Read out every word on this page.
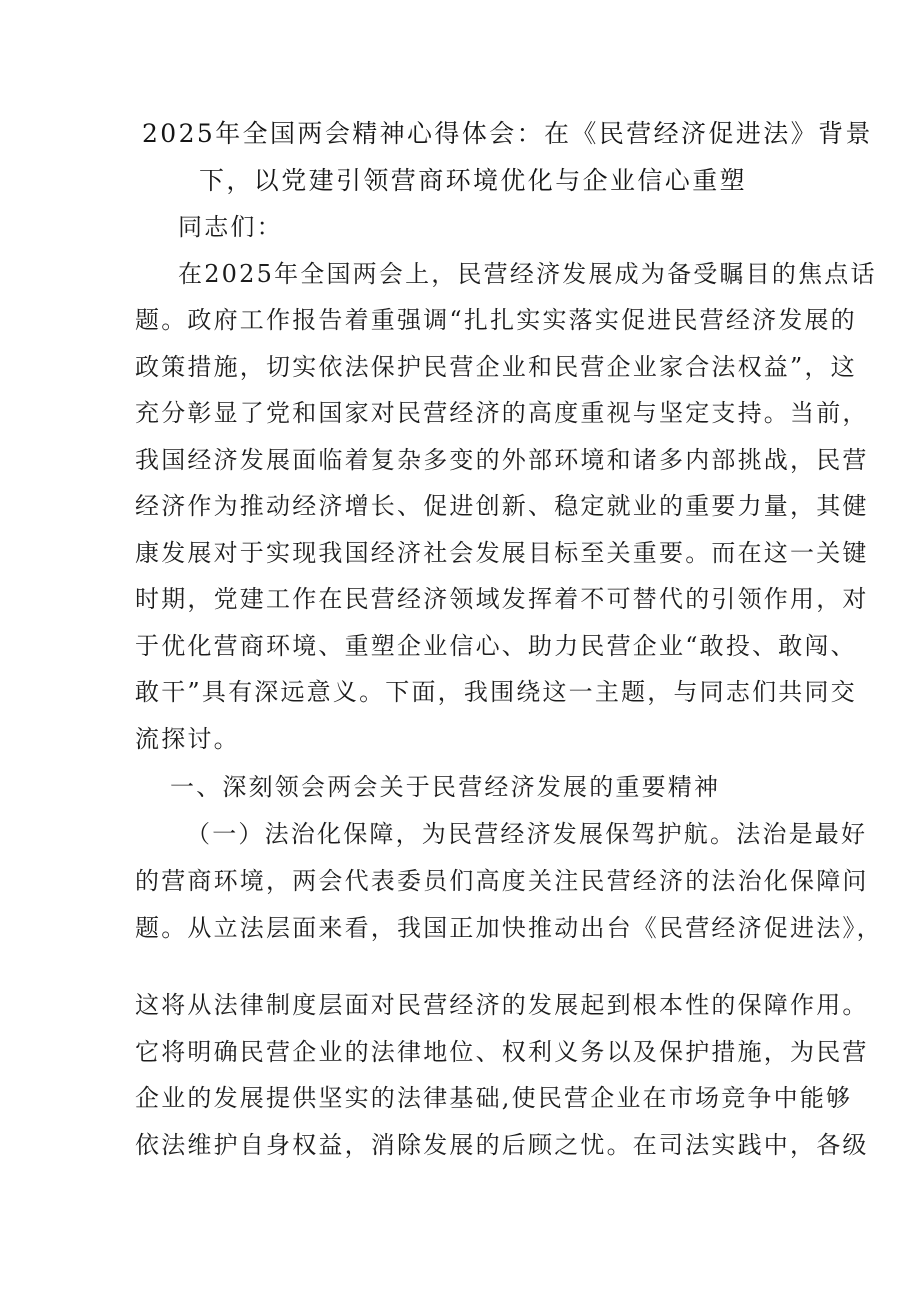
2025年全国两会精神心得体会：在《民营经济促进法》背景
下，以党建引领营商环境优化与企业信心重塑
同志们：
在2025年全国两会上，民营经济发展成为备受瞩目的焦点话
题。政府工作报告着重强调“扎扎实实落实促进民营经济发展的
政策措施，切实依法保护民营企业和民营企业家合法权益”，这
充分彰显了党和国家对民营经济的高度重视与坚定支持。当前，
我国经济发展面临着复杂多变的外部环境和诸多内部挑战，民营
经济作为推动经济增长、促进创新、稳定就业的重要力量，其健
康发展对于实现我国经济社会发展目标至关重要。而在这一关键
时期，党建工作在民营经济领域发挥着不可替代的引领作用，对
于优化营商环境、重塑企业信心、助力民营企业“敢投、敢闯、
敢干”具有深远意义。下面，我围绕这一主题，与同志们共同交
流探讨。
一、深刻领会两会关于民营经济发展的重要精神
（一）法治化保障，为民营经济发展保驾护航。法治是最好
的营商环境，两会代表委员们高度关注民营经济的法治化保障问
题。从立法层面来看，我国正加快推动出台《民营经济促进法》，
这将从法律制度层面对民营经济的发展起到根本性的保障作用。
它将明确民营企业的法律地位、权利义务以及保护措施，为民营
企业的发展提供坚实的法律基础,使民营企业在市场竞争中能够
依法维护自身权益，消除发展的后顾之忧。在司法实践中，各级
